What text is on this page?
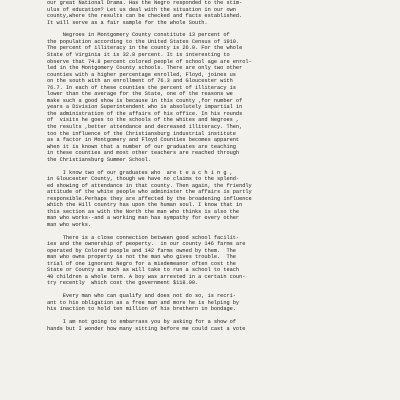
our great National Drama. Has the Negro responded to the stim-
ulus of education? Let us deal with the situation in our own
county,where the results can be checked and facts established.
It will serve as a fair sample for the whole South.
Negroes in Montgomery County constitute 13 percent of
the population according to the United States Census of 1910.
The percent of illiteracy in the county is 26.9. For the whole
State of Virginia it is 32.8 percent. It is interesting to
observe that 74.8 percent colored people of school age are enrol-
led in the Montgomery County schools. There are only two other
counties with a higher percentage enrolled, Floyd, joines us
on the south with an enrollment of 76.3 and Gloucester with
76.7. In each of these counties the percent of illiteracy is
lower than the average for the State, one of the reasons we
make such a good show is because in this county ,for number of
years a Division Superintendent who is absolutely impartial in
the administration of the affairs of his office. In his rounds
of  visits he goes to the schools of the whites and Negroes ,
the results ,better attendance and decreased illiteracy. Then,
too the influence of the Christiansburg industrial institute
as a factor in Montgomery and Floyd Counties becomes apparent
when it is known that a number of our graduates are teaching
in these counties and most other teachers are reached through
the Christiansburg Summer School.
I know two of our graduates who  are t e a c h i n g ,
in Gloucester County, though we have no claims to the splend-
ed showing of attendance in that county. Then again, the friendly
attitude of the white people who administer the affairs is partly
responsible.Perhaps they are affected by the broadening influence
which the Hill country has upon the human soul. I know that in
this section as with the North the man who thinks is also the
man who works--and a working man has sympathy for every other
man who works.
There is a close connection between good school facilit-
ies and the ownership of peoperty.  in our county 146 farms are
operated by Colored people and 142 farms owned by them.  The
man who owns property is not the man who gives trouble.  The
trial of one ignorant Negro for a misdemeanor often cost the
State or County as much as will take to run a school to teach
40 children a whole term. A boy was arrested in a certain coun-
try recently  which cost the government $118.00.
Every man who can qualify and does not do so, is recri-
ant to his obligation as a free man and more he is helping by
his inaction to hold ten million of his brethern in bondage.
I am not going to embarrass you by asking for a show of
hands but I wonder how many sitting before me could cast a vote
